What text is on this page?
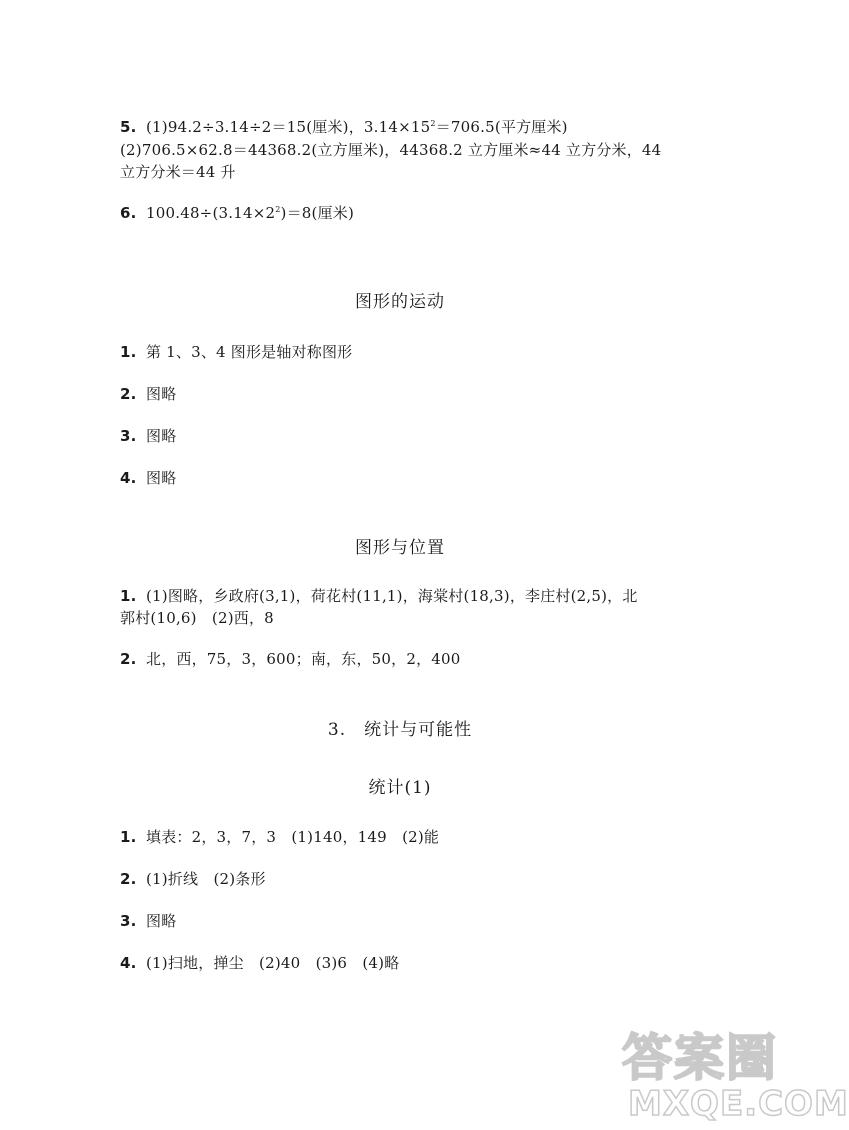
5. (1)94.2÷3.14÷2＝15(厘米)，$3.14\times 15^2=706.5$(平方厘米)
(2)706.5×62.8＝44368.2(立方厘米)，44368.2 立方厘米≈44 立方分米，44
立方分米＝44 升
6. $100.48\div(3.14\times 2^2)=8$(厘米)
图形的运动
1. 第 1、3、4 图形是轴对称图形
2. 图略
3. 图略
4. 图略
图形与位置
1. (1)图略，乡政府(3,1)，荷花村(11,1)，海棠村(18,3)，李庄村(2,5)，北
郭村(10,6)　(2)西，8
2. 北，西，75，3，600；南，东，50，2，400
3.　统计与可能性
统计(1)
1. 填表：2，3，7，3　(1)140，149　(2)能
2. (1)折线　(2)条形
3. 图略
4. (1)扫地，掸尘　(2)40　(3)6　(4)略
答案圈
MXQE.COM
